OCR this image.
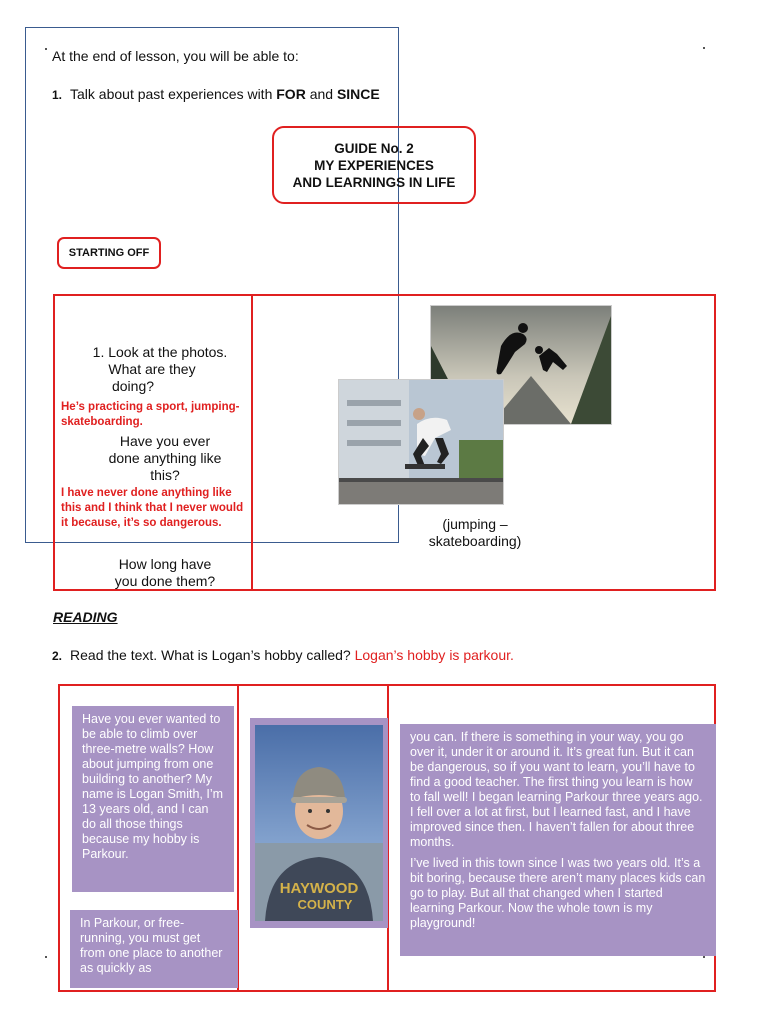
At the end of lesson, you will be able to:
1. Talk about past experiences with FOR and SINCE
GUIDE No. 2
MY EXPERIENCES
AND LEARNINGS IN LIFE
STARTING OFF
1. Look at the photos.
What are they
doing?
He’s practicing a sport, jumping-skateboarding.
Have you ever
done anything like
this?
I have never done anything like this and I think that I never would it because, it’s so dangerous.
How long have
you done them?
(jumping –
skateboarding)
READING
2. Read the text. What is Logan’s hobby called? Logan’s hobby is parkour.
Have you ever wanted to be able to climb over three-metre walls? How about jumping from one building to another? My name is Logan Smith, I’m 13 years old, and I can do all those things because my hobby is Parkour.
In Parkour, or free-running, you must get from one place to another as quickly as
HAYWOOD
COUNTY
you can. If there is something in your way, you go over it, under it or around it. It’s great fun. But it can be dangerous, so if you want to learn, you’ll have to find a good teacher. The first thing you learn is how to fall well! I began learning Parkour three years ago. I fell over a lot at first, but I learned fast, and I have improved since then. I haven’t fallen for about three months.
I’ve lived in this town since I was two years old. It’s a bit boring, because there aren’t many places kids can go to play. But all that changed when I started learning Parkour. Now the whole town is my playground!
